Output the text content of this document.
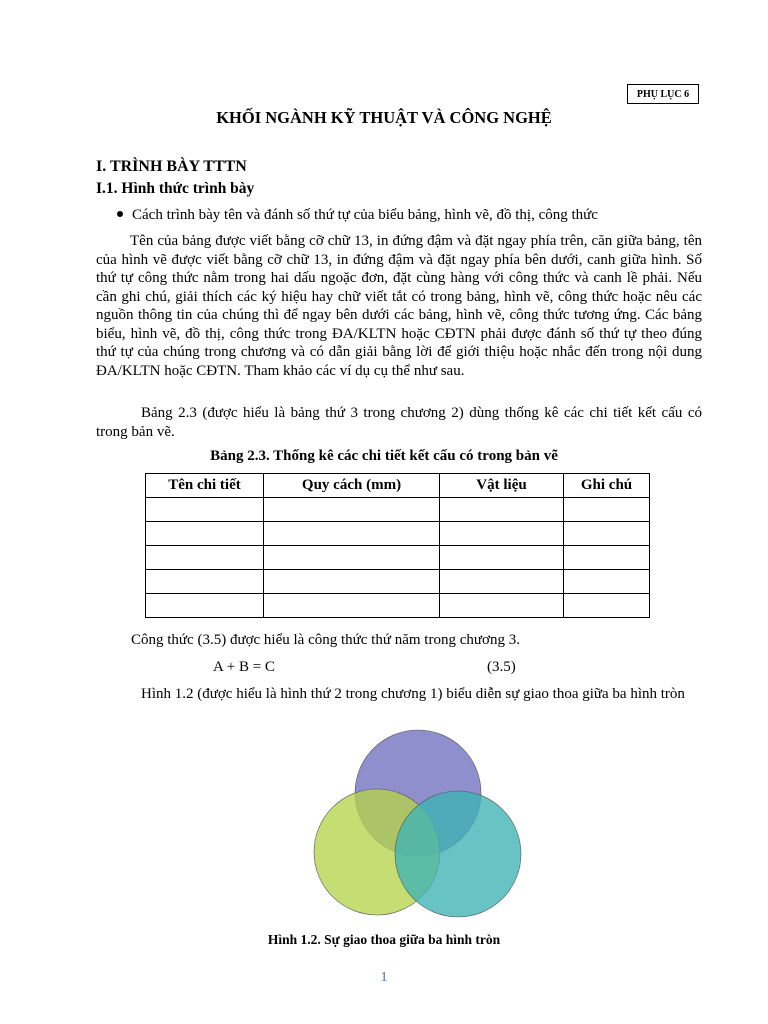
PHỤ LỤC 6
KHỐI NGÀNH KỸ THUẬT VÀ CÔNG NGHỆ
I. TRÌNH BÀY TTTN
I.1. Hình thức trình bày
Cách trình bày tên và đánh số thứ tự của biểu bảng, hình vẽ, đồ thị, công thức

Tên của bảng được viết bằng cỡ chữ 13, in đứng đậm và đặt ngay phía trên, căn giữa bảng, tên của hình vẽ được viết bằng cỡ chữ 13, in đứng đậm và đặt ngay phía bên dưới, canh giữa hình. Số thứ tự công thức nằm trong hai dấu ngoặc đơn, đặt cùng hàng với công thức và canh lề phải. Nếu cần ghi chú, giải thích các ký hiệu hay chữ viết tắt có trong bảng, hình vẽ, công thức hoặc nêu các nguồn thông tin của chúng thì để ngay bên dưới các bảng, hình vẽ, công thức tương ứng. Các bảng biểu, hình vẽ, đồ thị, công thức trong ĐA/KLTN hoặc CĐTN phải được đánh số thứ tự theo đúng thứ tự của chúng trong chương và có dẫn giải bằng lời để giới thiệu hoặc nhắc đến trong nội dung ĐA/KLTN hoặc CĐTN. Tham khảo các ví dụ cụ thể như sau.

Bảng 2.3 (được hiểu là bảng thứ 3 trong chương 2) dùng thống kê các chi tiết kết cấu có trong bản vẽ.

Bảng 2.3. Thống kê các chi tiết kết cấu có trong bản vẽ
Tên chi tiết	Quy cách (mm)	Vật liệu	Ghi chú

Công thức (3.5) được hiểu là công thức thứ năm trong chương 3.
A + B = C	(3.5)

Hình 1.2 (được hiểu là hình thứ 2 trong chương 1) biểu diễn sự giao thoa giữa ba hình tròn

Hình 1.2. Sự giao thoa giữa ba hình tròn
1
